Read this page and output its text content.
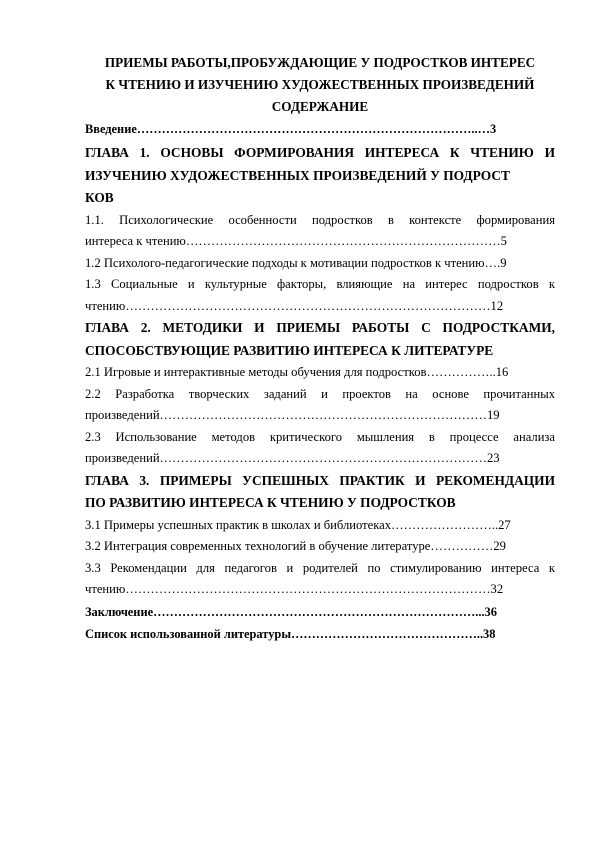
ПРИЕМЫ РАБОТЫ,ПРОБУЖДАЮЩИЕ У ПОДРОСТКОВ ИНТЕРЕС
К ЧТЕНИЮ И ИЗУЧЕНИЮ ХУДОЖЕСТВЕННЫХ ПРОИЗВЕДЕНИЙ
СОДЕРЖАНИЕ
Введение………………………………………………………………………..…3
ГЛАВА 1. ОСНОВЫ ФОРМИРОВАНИЯ ИНТЕРЕСА К ЧТЕНИЮ И
ИЗУЧЕНИЮ ХУДОЖЕСТВЕННЫХ ПРОИЗВЕДЕНИЙ У ПОДРОСТ
КОВ
1.1. Психологические особенности подростков в контексте формирования
интереса к чтению…………………………………………………………………5
1.2 Психолого-педагогические подходы к мотивации подростков к чтению….9
1.3 Социальные и культурные факторы, влияющие на интерес подростков к
чтению……………………………………………………………………………12
ГЛАВА 2. МЕТОДИКИ И ПРИЕМЫ РАБОТЫ С ПОДРОСТКАМИ,
СПОСОБСТВУЮЩИЕ РАЗВИТИЮ ИНТЕРЕСА К ЛИТЕРАТУРЕ
2.1 Игровые и интерактивные методы обучения для подростков……………..16
2.2 Разработка творческих заданий и проектов на основе прочитанных
произведений……………………………………………………………………19
2.3 Использование методов критического мышления в процессе анализа
произведений……………………………………………………………………23
ГЛАВА 3. ПРИМЕРЫ УСПЕШНЫХ ПРАКТИК И РЕКОМЕНДАЦИИ
ПО РАЗВИТИЮ ИНТЕРЕСА К ЧТЕНИЮ У ПОДРОСТКОВ
3.1 Примеры успешных практик в школах и библиотеках……………………..27
3.2 Интеграция современных технологий в обучение литературе……………29
3.3 Рекомендации для педагогов и родителей по стимулированию интереса к
чтению……………………………………………………………………………32
Заключение……………………………………………………………………...36
Список использованной литературы………………………………………..38
